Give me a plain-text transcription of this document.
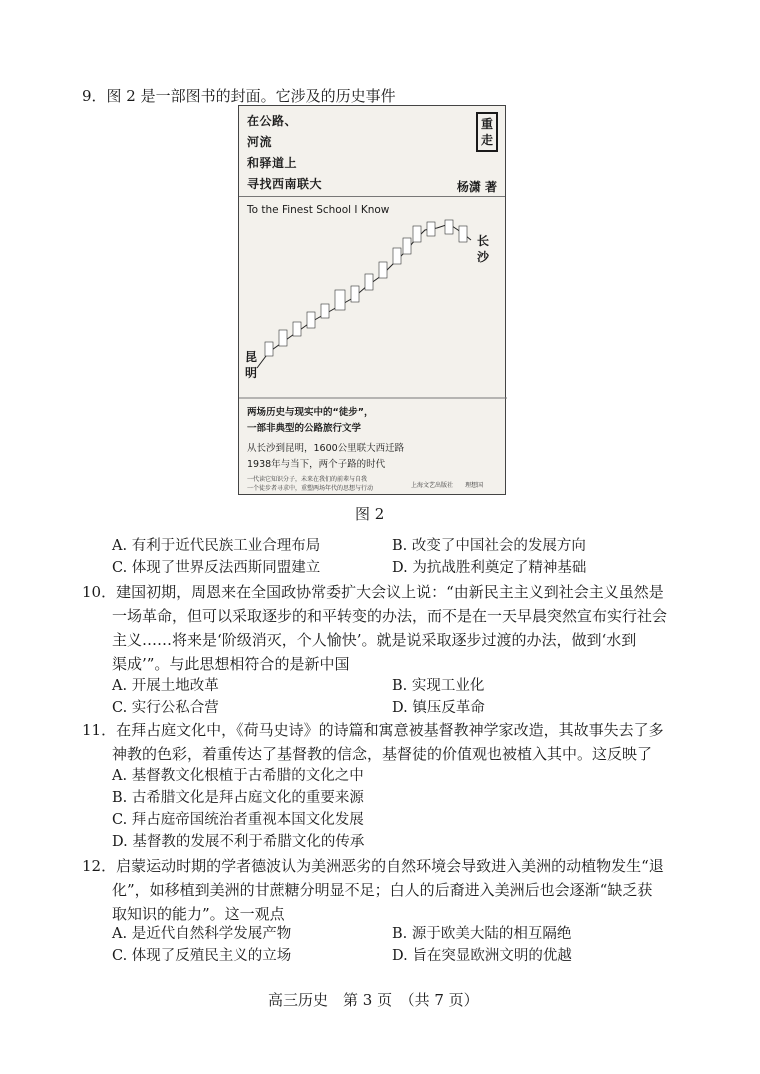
9．图 2 是一部图书的封面。它涉及的历史事件
在公路、
河流
和驿道上
寻找西南联大
重
走
杨潇 著
To the Finest School I Know
昆
明
长
沙
两场历史与现实中的“徒步”，
一部非典型的公路旅行文学
从长沙到昆明，1600公里联大西迁路
1938年与当下，两个子路的时代
一代读它知识分子，未来在我们的前辈与自我
一个徒步者寻求中，重塑两场年代的思想与行动	上海文艺出版社 理想国
图 2
A. 有利于近代民族工业合理布局	B. 改变了中国社会的发展方向
C. 体现了世界反法西斯同盟建立	D. 为抗战胜利奠定了精神基础
10．建国初期，周恩来在全国政协常委扩大会议上说：“由新民主主义到社会主义虽然是
一场革命，但可以采取逐步的和平转变的办法，而不是在一天早晨突然宣布实行社会
主义……将来是‘阶级消灭，个人愉快’。就是说采取逐步过渡的办法，做到‘水到
渠成’”。与此思想相符合的是新中国
A. 开展土地改革	B. 实现工业化
C. 实行公私合营	D. 镇压反革命
11．在拜占庭文化中，《荷马史诗》的诗篇和寓意被基督教神学家改造，其故事失去了多
神教的色彩，着重传达了基督教的信念，基督徒的价值观也被植入其中。这反映了
A. 基督教文化根植于古希腊的文化之中
B. 古希腊文化是拜占庭文化的重要来源
C. 拜占庭帝国统治者重视本国文化发展
D. 基督教的发展不利于希腊文化的传承
12．启蒙运动时期的学者德波认为美洲恶劣的自然环境会导致进入美洲的动植物发生“退
化”，如移植到美洲的甘蔗糖分明显不足；白人的后裔进入美洲后也会逐渐“缺乏获
取知识的能力”。这一观点
A. 是近代自然科学发展产物	B. 源于欧美大陆的相互隔绝
C. 体现了反殖民主义的立场	D. 旨在突显欧洲文明的优越
高三历史　第 3 页　（共 7 页）
